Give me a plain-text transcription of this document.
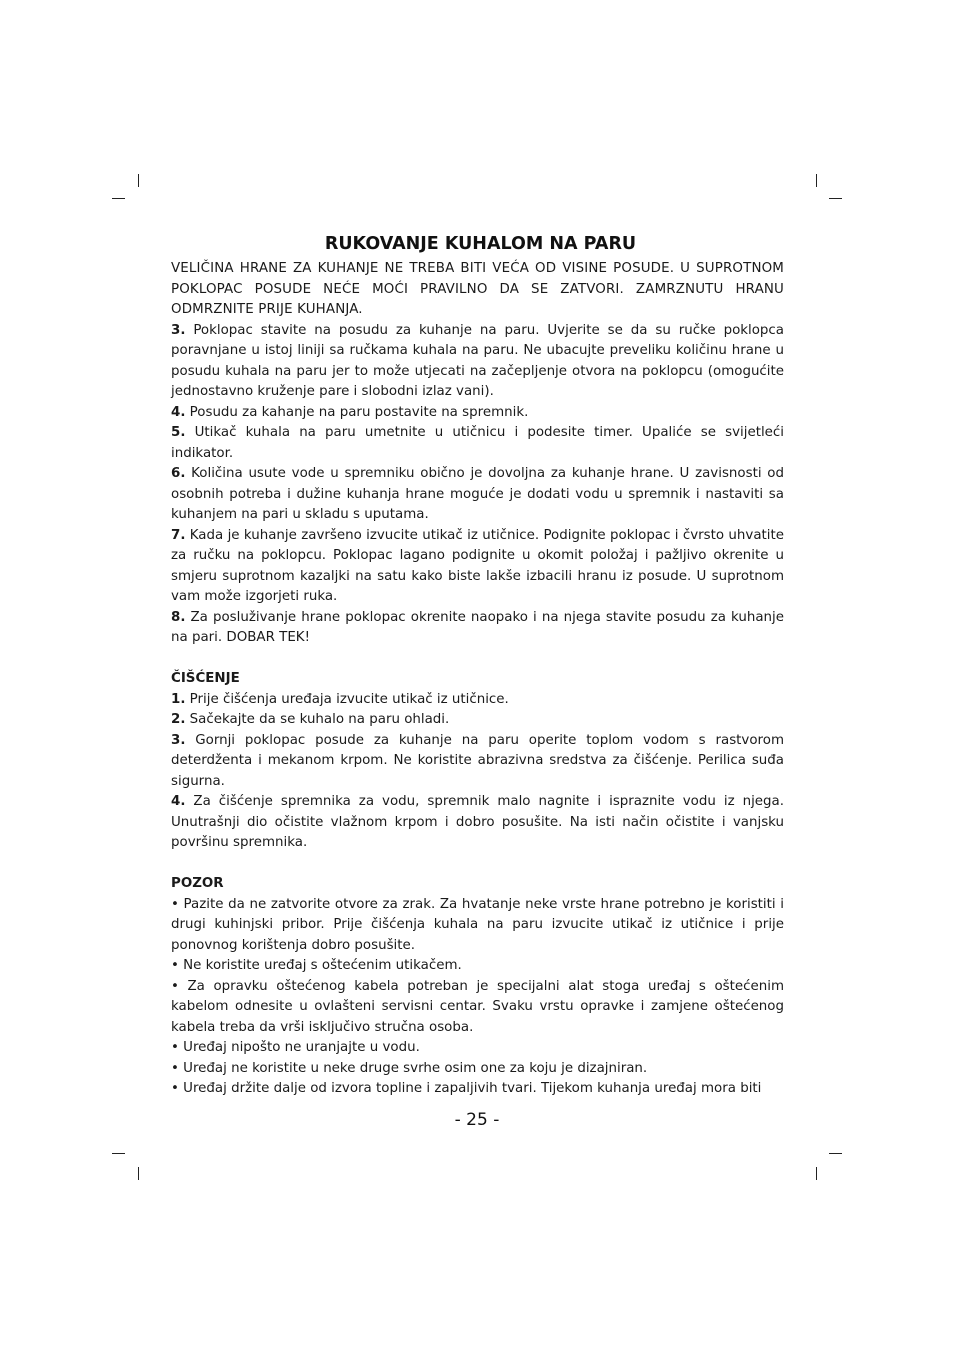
RUKOVANJE KUHALOM NA PARU

VELIČINA HRANE ZA KUHANJE NE TREBA BITI VEĆA OD VISINE POSUDE. U SUPROTNOM POKLOPAC POSUDE NEĆE MOĆI PRAVILNO DA SE ZATVORI. ZAMRZNUTU HRANU ODMRZNITE PRIJE KUHANJA.

3. Poklopac stavite na posudu za kuhanje na paru. Uvjerite se da su ručke poklopca poravnjane u istoj liniji sa ručkama kuhala na paru. Ne ubacujte preveliku količinu hrane u posudu kuhala na paru jer to može utjecati na začepljenje otvora na poklopcu (omogućite jednostavno kruženje pare i slobodni izlaz vani).

4. Posudu za kahanje na paru postavite na spremnik.

5. Utikač kuhala na paru umetnite u utičnicu i podesite timer. Upaliće se svijetleći indikator.

6. Količina usute vode u spremniku obično je dovoljna za kuhanje hrane. U zavisnosti od osobnih potreba i dužine kuhanja hrane moguće je dodati vodu u spremnik i nastaviti sa kuhanjem na pari u skladu s uputama.

7. Kada je kuhanje završeno izvucite utikač iz utičnice. Podignite poklopac i čvrsto uhvatite za ručku na poklopcu. Poklopac lagano podignite u okomit položaj i pažljivo okrenite u smjeru suprotnom kazaljki na satu kako biste lakše izbacili hranu iz posude. U suprotnom vam može izgorjeti ruka.

8. Za posluživanje hrane poklopac okrenite naopako i na njega stavite posudu za kuhanje na pari. DOBAR TEK!

ČIŠĆENJE

1. Prije čišćenja uređaja izvucite utikač iz utičnice.

2. Sačekajte da se kuhalo na paru ohladi.

3. Gornji poklopac posude za kuhanje na paru operite toplom vodom s rastvorom deterdženta i mekanom krpom. Ne koristite abrazivna sredstva za čišćenje. Perilica suđa sigurna.

4. Za čišćenje spremnika za vodu, spremnik malo nagnite i ispraznite vodu iz njega. Unutrašnji dio očistite vlažnom krpom i dobro posušite. Na isti način očistite i vanjsku površinu spremnika.

POZOR

• Pazite da ne zatvorite otvore za zrak. Za hvatanje neke vrste hrane potrebno je koristiti i drugi kuhinjski pribor. Prije čišćenja kuhala na paru izvucite utikač iz utičnice i prije ponovnog korištenja dobro posušite.

• Ne koristite uređaj s oštećenim utikačem.

• Za opravku oštećenog kabela potreban je specijalni alat stoga uređaj s oštećenim kabelom odnesite u ovlašteni servisni centar. Svaku vrstu opravke i zamjene oštećenog kabela treba da vrši isključivo stručna osoba.

• Uređaj nipošto ne uranjajte u vodu.

• Uređaj ne koristite u neke druge svrhe osim one za koju je dizajniran.

• Uređaj držite dalje od izvora topline i zapaljivih tvari. Tijekom kuhanja uređaj mora biti

- 25 -
